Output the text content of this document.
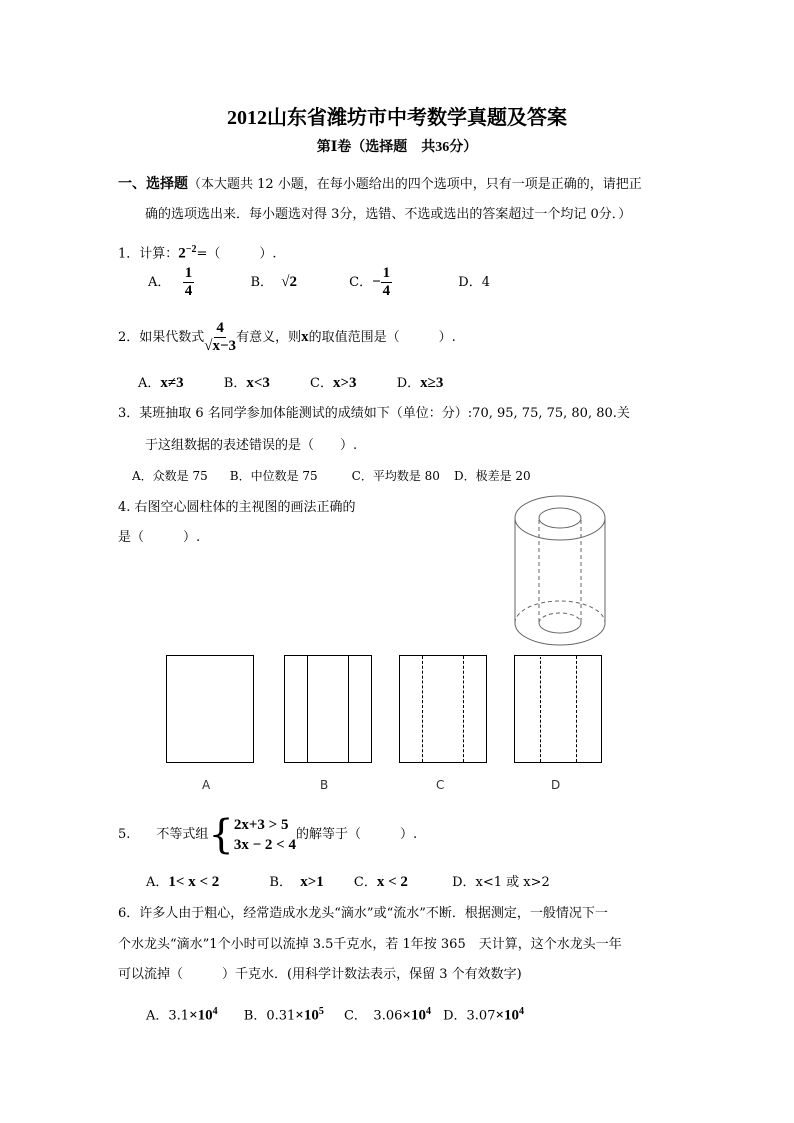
2012山东省潍坊市中考数学真题及答案
第Ⅰ卷（选择题　共36分）
一、选择题（本大题共 12 小题，在每小题给出的四个选项中，只有一项是正确的，请把正
确的选项选出来．每小题选对得 3分，选错、不选或选出的答案超过一个均记 0分．）
1．计算：$2^{-2}=$（　　　）.
A． $\frac{1}{4}$	B． √2	C．− $\frac{1}{4}$	D．4
2．如果代数式 $\frac{4}{√x-3}$ 有意义，则x的取值范围是（　　　）.
A．x≠3	B．x<3	C．x>3	D．x≥3
3．某班抽取 6 名同学参加体能测试的成绩如下（单位：分）:70, 95, 75, 75, 80, 80.关
于这组数据的表述错误的是（　　）.
A．众数是 75 B．中位数是 75	C．平均数是 80 D．极差是 20
4. 右图空心圆柱体的主视图的画法正确的
是（　　　）.
A	B	C	D
5.　　不等式组 { 2x+3 > 5
3x − 2 < 4
的解等于（　　　）.
A．1< x < 2	B． x>1 C．x < 2	D．x<1 或 x>2
6．许多人由于粗心，经常造成水龙头“滴水”或“流水”不断．根据测定，一般情况下一
个水龙头“滴水”1个小时可以流掉 3.5千克水，若 1年按 365　天计算，这个水龙头一年
可以流掉（　　　）千克水．(用科学计数法表示，保留 3 个有效数字)
A．$3.1\times 10^4$ B．$0.31\times 10^5$ C．　$3.06\times 10^4$ D．$3.07\times 10^4$
